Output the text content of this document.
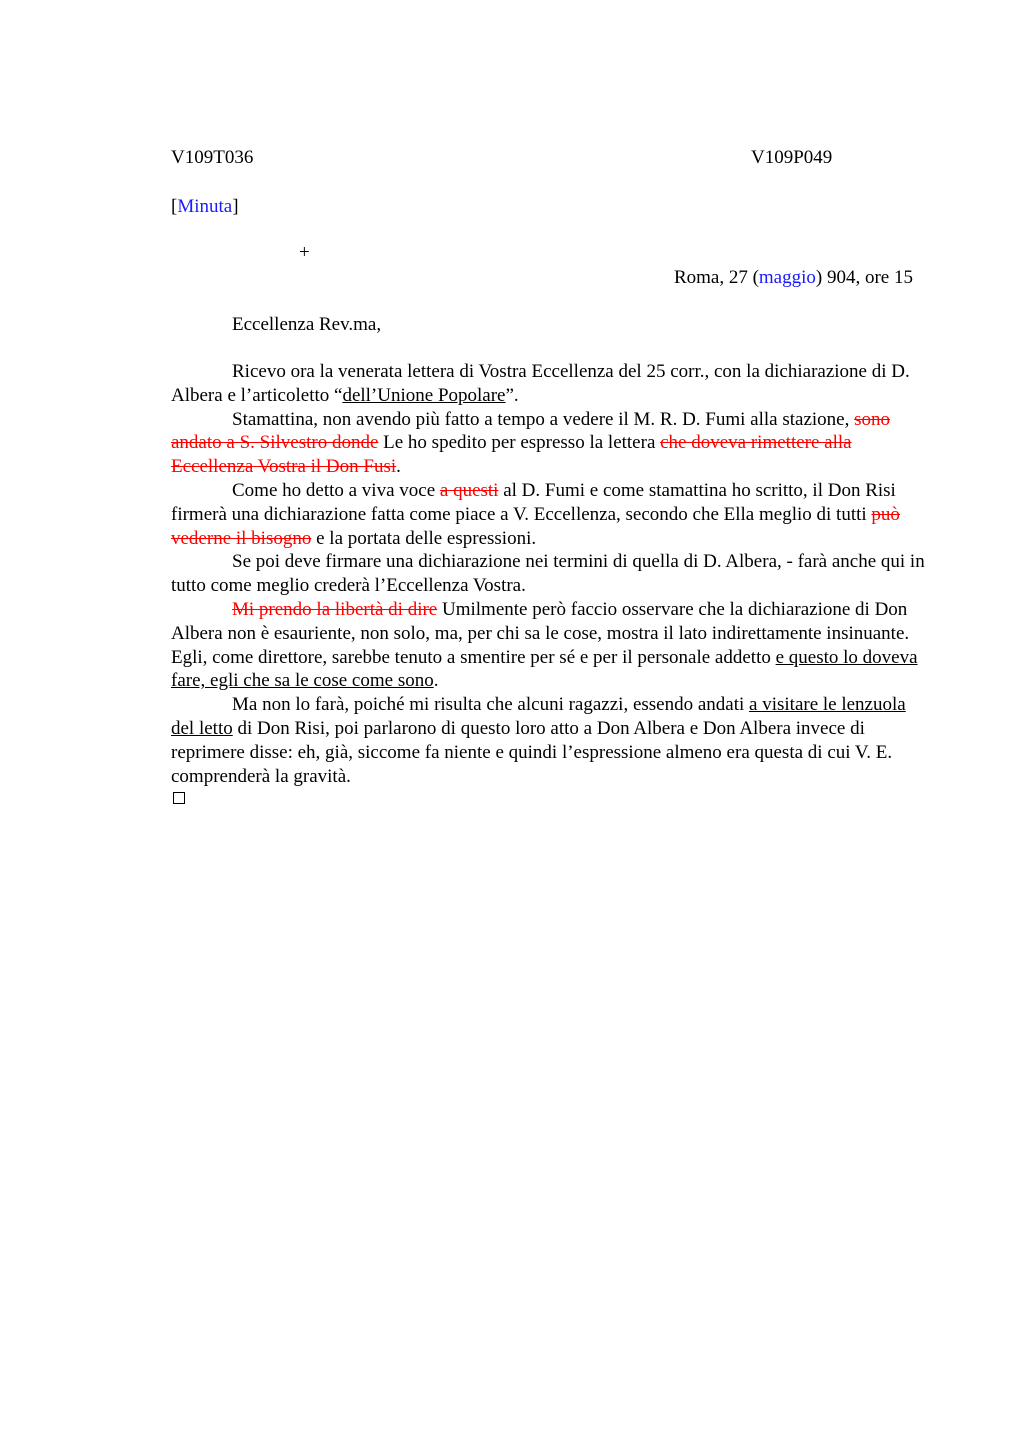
V109T036	V109P049
[Minuta]
+
Roma, 27 (maggio) 904, ore 15
Eccellenza Rev.ma,

Ricevo ora la venerata lettera di Vostra Eccellenza del 25 corr., con la dichiarazione di D. Albera e l’articoletto “dell’Unione Popolare”.

Stamattina, non avendo più fatto a tempo a vedere il M. R. D. Fumi alla stazione, sono andato a S. Silvestro donde Le ho spedito per espresso la lettera che doveva rimettere alla Eccellenza Vostra il Don Fusi.

Come ho detto a viva voce a questi al D. Fumi e come stamattina ho scritto, il Don Risi firmerà una dichiarazione fatta come piace a V. Eccellenza, secondo che Ella meglio di tutti può vederne il bisogno e la portata delle espressioni.

Se poi deve firmare una dichiarazione nei termini di quella di D. Albera, - farà anche qui in tutto come meglio crederà l’Eccellenza Vostra.

Mi prendo la libertà di dire Umilmente però faccio osservare che la dichiarazione di Don Albera non è esauriente, non solo, ma, per chi sa le cose, mostra il lato indirettamente insinuante. Egli, come direttore, sarebbe tenuto a smentire per sé e per il personale addetto e questo lo doveva fare, egli che sa le cose come sono.

Ma non lo farà, poiché mi risulta che alcuni ragazzi, essendo andati a visitare le lenzuola del letto di Don Risi, poi parlarono di questo loro atto a Don Albera e Don Albera invece di reprimere disse: eh, già, siccome fa niente e quindi l’espressione almeno era questa di cui V. E. comprenderà la gravità.
